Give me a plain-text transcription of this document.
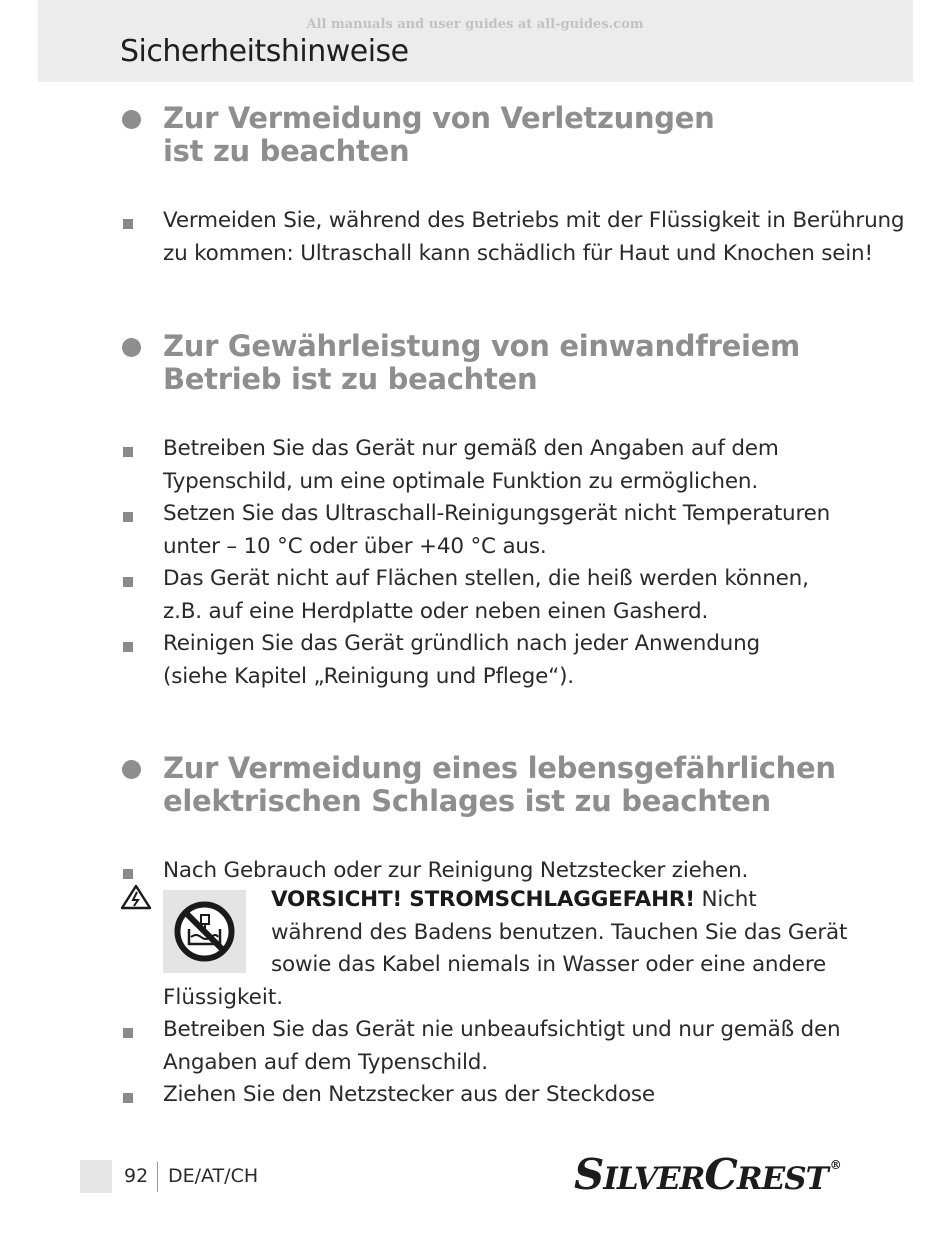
All manuals and user guides at all-guides.com
Sicherheitshinweise
Zur Vermeidung von Verletzungen
ist zu beachten
Vermeiden Sie, während des Betriebs mit der Flüssigkeit in Berührung
zu kommen: Ultraschall kann schädlich für Haut und Knochen sein!
Zur Gewährleistung von einwandfreiem
Betrieb ist zu beachten
Betreiben Sie das Gerät nur gemäß den Angaben auf dem
Typenschild, um eine optimale Funktion zu ermöglichen.
Setzen Sie das Ultraschall-Reinigungsgerät nicht Temperaturen
unter – 10 °C oder über +40 °C aus.
Das Gerät nicht auf Flächen stellen, die heiß werden können,
z.B. auf eine Herdplatte oder neben einen Gasherd.
Reinigen Sie das Gerät gründlich nach jeder Anwendung
(siehe Kapitel „Reinigung und Pflege“).
Zur Vermeidung eines lebensgefährlichen
elektrischen Schlages ist zu beachten
Nach Gebrauch oder zur Reinigung Netzstecker ziehen.
VORSICHT! STROMSCHLAGGEFAHR! Nicht
während des Badens benutzen. Tauchen Sie das Gerät
sowie das Kabel niemals in Wasser oder eine andere
Flüssigkeit.
Betreiben Sie das Gerät nie unbeaufsichtigt und nur gemäß den
Angaben auf dem Typenschild.
Ziehen Sie den Netzstecker aus der Steckdose
92 DE/AT/CH	SILVERCREST ®
